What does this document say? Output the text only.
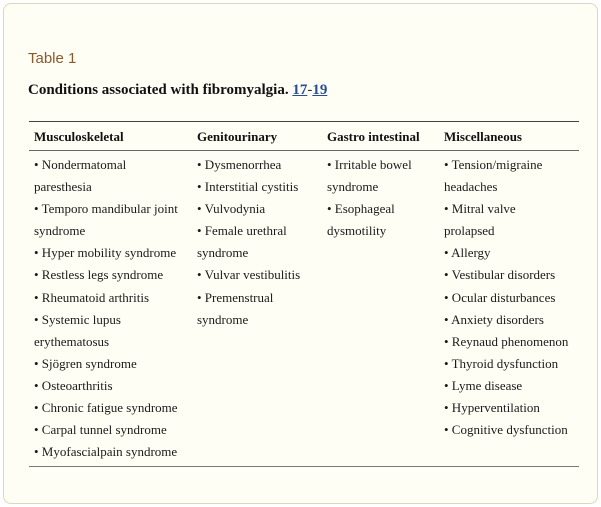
Table 1
Conditions associated with fibromyalgia. 17-19
Musculoskeletal	Genitourinary	Gastro intestinal Miscellaneous
• Nondermatomal
paresthesia
• Temporo mandibular joint
syndrome
• Hyper mobility syndrome
• Restless legs syndrome
• Rheumatoid arthritis
• Systemic lupus
erythematosus
• Sjögren syndrome
• Osteoarthritis
• Chronic fatigue syndrome
• Carpal tunnel syndrome
• Myofascialpain syndrome
• Dysmenorrhea
• Interstitial cystitis
• Vulvodynia
• Female urethral
syndrome
• Vulvar vestibulitis
• Premenstrual
syndrome
• Irritable bowel
syndrome
• Esophageal
dysmotility
• Tension/migraine
headaches
• Mitral valve
prolapsed
• Allergy
• Vestibular disorders
• Ocular disturbances
• Anxiety disorders
• Reynaud phenomenon
• Thyroid dysfunction
• Lyme disease
• Hyperventilation
• Cognitive dysfunction
